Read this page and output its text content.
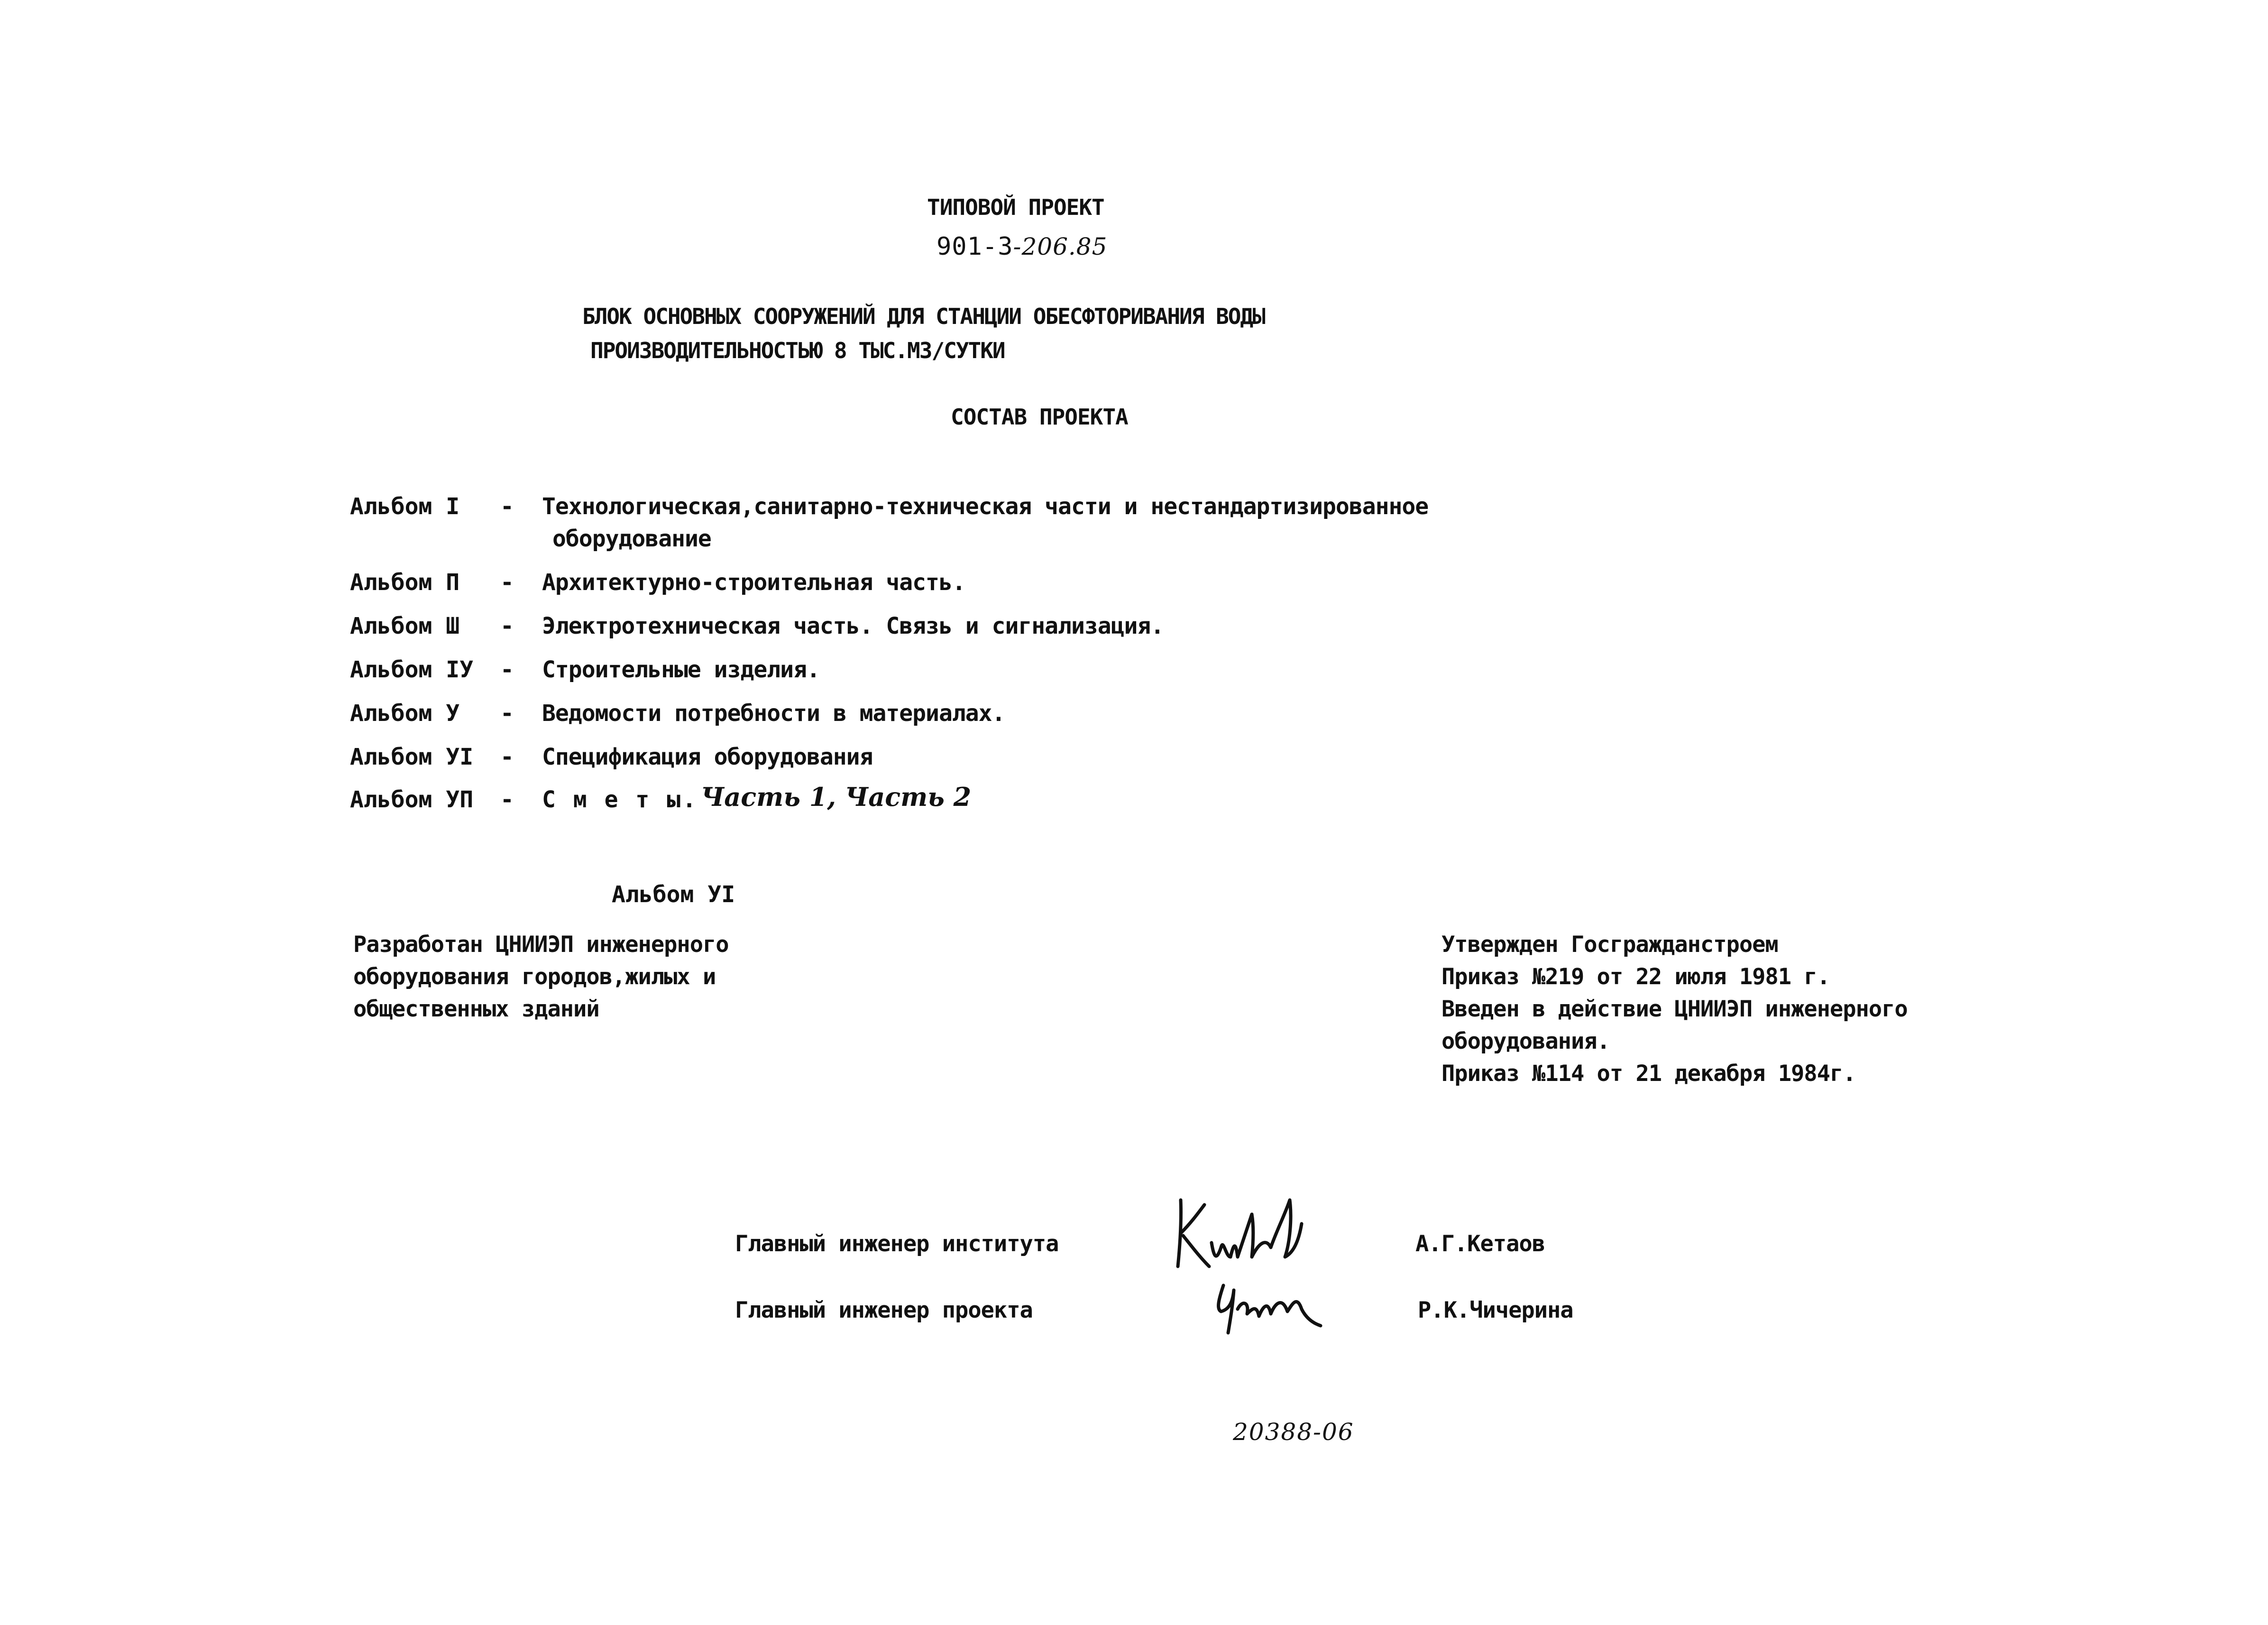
ТИПОВОЙ ПРОЕКТ
901-3-206.85
БЛОК ОСНОВНЫХ СООРУЖЕНИЙ ДЛЯ СТАНЦИИ ОБЕСФТОРИВАНИЯ ВОДЫ
ПРОИЗВОДИТЕЛЬНОСТЬЮ 8 ТЫС.М3/СУТКИ
СОСТАВ ПРОЕКТА
Альбом I - Технологическая,санитарно-техническая части и нестандартизированное
оборудование
Альбом П - Архитектурно-строительная часть.
Альбом Ш - Электротехническая часть. Связь и сигнализация.
Альбом IУ - Строительные изделия.
Альбом У - Ведомости потребности в материалах.
Альбом УI - Спецификация оборудования
Альбом УП - С м е т ы. Часть 1, Часть 2
Альбом УI
Разработан ЦНИИЭП инженерного
оборудования городов,жилых и
общественных зданий
Утвержден Госгражданстроем
Приказ №219 от 22 июля 1981 г.
Введен в действие ЦНИИЭП инженерного
оборудования.
Приказ №114 от 21 декабря 1984г.
Главный инженер института	А.Г.Кетаов
Главный инженер проекта	Р.К.Чичерина
20388-06
